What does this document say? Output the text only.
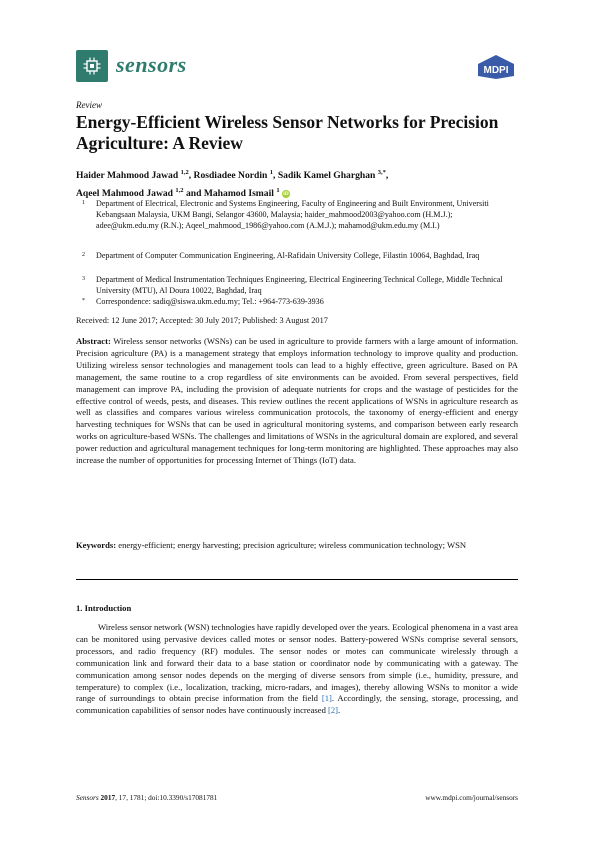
sensors	MDPI
Review
Energy-Efficient Wireless Sensor Networks for Precision Agriculture: A Review
Haider Mahmood Jawad $^{1,2}$, Rosdiadee Nordin $^1$, Sadik Kamel Gharghan $^{3,*}$,
Aqeel Mahmood Jawad $^{1,2}$ and Mahamod Ismail $^1$ iD
1 Department of Electrical, Electronic and Systems Engineering, Faculty of Engineering and Built Environment, Universiti Kebangsaan Malaysia, UKM Bangi, Selangor 43600, Malaysia; haider_mahmood2003@yahoo.com (H.M.J.); adee@ukm.edu.my (R.N.); Aqeel_mahmood_1986@yahoo.com (A.M.J.); mahamod@ukm.edu.my (M.I.)
2 Department of Computer Communication Engineering, Al-Rafidain University College, Filastin 10064, Baghdad, Iraq
3 Department of Medical Instrumentation Techniques Engineering, Electrical Engineering Technical College, Middle Technical University (MTU), Al Doura 10022, Baghdad, Iraq
* Correspondence: sadiq@siswa.ukm.edu.my; Tel.: +964-773-639-3936
Received: 12 June 2017; Accepted: 30 July 2017; Published: 3 August 2017
Abstract: Wireless sensor networks (WSNs) can be used in agriculture to provide farmers with a large amount of information. Precision agriculture (PA) is a management strategy that employs information technology to improve quality and production. Utilizing wireless sensor technologies and management tools can lead to a highly effective, green agriculture. Based on PA management, the same routine to a crop regardless of site environments can be avoided. From several perspectives, field management can improve PA, including the provision of adequate nutrients for crops and the wastage of pesticides for the effective control of weeds, pests, and diseases. This review outlines the recent applications of WSNs in agriculture research as well as classifies and compares various wireless communication protocols, the taxonomy of energy-efficient and energy harvesting techniques for WSNs that can be used in agricultural monitoring systems, and comparison between early research works on agriculture-based WSNs. The challenges and limitations of WSNs in the agricultural domain are explored, and several power reduction and agricultural management techniques for long-term monitoring are highlighted. These approaches may also increase the number of opportunities for processing Internet of Things (IoT) data.
Keywords: energy-efficient; energy harvesting; precision agriculture; wireless communication technology; WSN
1. Introduction
Wireless sensor network (WSN) technologies have rapidly developed over the years. Ecological phenomena in a vast area can be monitored using pervasive devices called motes or sensor nodes. Battery-powered WSNs comprise several sensors, processors, and radio frequency (RF) modules. The sensor nodes or motes can communicate wirelessly through a communication link and forward their data to a base station or coordinator node by communicating with a gateway. The communication among sensor nodes depends on the merging of diverse sensors from simple (i.e., humidity, pressure, and temperature) to complex (i.e., localization, tracking, micro-radars, and images), thereby allowing WSNs to monitor a wide range of surroundings to obtain precise information from the field [1]. Accordingly, the sensing, storage, processing, and communication capabilities of sensor nodes have continuously increased [2].
Sensors 2017, 17, 1781; doi:10.3390/s17081781	www.mdpi.com/journal/sensors
